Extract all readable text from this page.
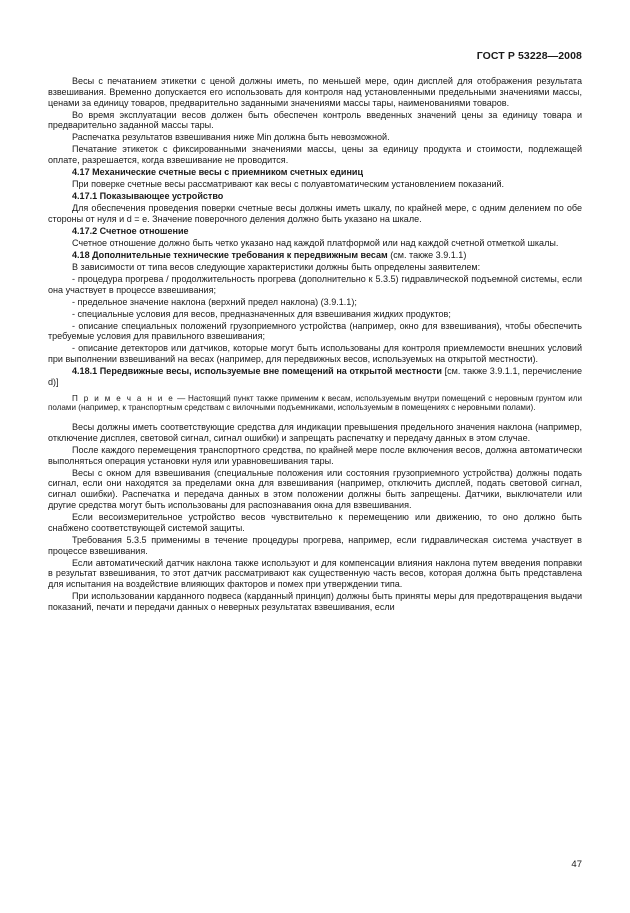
ГОСТ Р 53228—2008

Весы с печатанием этикетки с ценой должны иметь, по меньшей мере, один дисплей для отображения результата взвешивания. Временно допускается его использовать для контроля над установленными предельными значениями массы, ценами за единицу товаров, предварительно заданными значениями массы тары, наименованиями товаров.

Во время эксплуатации весов должен быть обеспечен контроль введенных значений цены за единицу товара и предварительно заданной массы тары.

Распечатка результатов взвешивания ниже Min должна быть невозможной.

Печатание этикеток с фиксированными значениями массы, цены за единицу продукта и стоимости, подлежащей оплате, разрешается, когда взвешивание не проводится.

4.17 Механические счетные весы с приемником счетных единиц

При поверке счетные весы рассматривают как весы с полуавтоматическим установлением показаний.

4.17.1 Показывающее устройство

Для обеспечения проведения поверки счетные весы должны иметь шкалу, по крайней мере, с одним делением по обе стороны от нуля и d = e. Значение поверочного деления должно быть указано на шкале.

4.17.2 Счетное отношение

Счетное отношение должно быть четко указано над каждой платформой или над каждой счетной отметкой шкалы.

4.18 Дополнительные технические требования к передвижным весам (см. также 3.9.1.1)

В зависимости от типа весов следующие характеристики должны быть определены заявителем:

- процедура прогрева / продолжительность прогрева (дополнительно к 5.3.5) гидравлической подъемной системы, если она участвует в процессе взвешивания;

- предельное значение наклона (верхний предел наклона) (3.9.1.1);

- специальные условия для весов, предназначенных для взвешивания жидких продуктов;

- описание специальных положений грузоприемного устройства (например, окно для взвешивания), чтобы обеспечить требуемые условия для правильного взвешивания;

- описание детекторов или датчиков, которые могут быть использованы для контроля приемлемости внешних условий при выполнении взвешиваний на весах (например, для передвижных весов, используемых на открытой местности).

4.18.1 Передвижные весы, используемые вне помещений на открытой местности [см. также 3.9.1.1, перечисление d)]

П р и м е ч а н и е — Настоящий пункт также применим к весам, используемым внутри помещений с неровным грунтом или полами (например, к транспортным средствам с вилочными подъемниками, используемым в помещениях с неровными полами).

Весы должны иметь соответствующие средства для индикации превышения предельного значения наклона (например, отключение дисплея, световой сигнал, сигнал ошибки) и запрещать распечатку и передачу данных в этом случае.

После каждого перемещения транспортного средства, по крайней мере после включения весов, должна автоматически выполняться операция установки нуля или уравновешивания тары.

Весы с окном для взвешивания (специальные положения или состояния грузоприемного устройства) должны подать сигнал, если они находятся за пределами окна для взвешивания (например, отключить дисплей, подать световой сигнал, сигнал ошибки). Распечатка и передача данных в этом положении должны быть запрещены. Датчики, выключатели или другие средства могут быть использованы для распознавания окна для взвешивания.

Если весоизмерительное устройство весов чувствительно к перемещению или движению, то оно должно быть снабжено соответствующей системой защиты.

Требования 5.3.5 применимы в течение процедуры прогрева, например, если гидравлическая система участвует в процессе взвешивания.

Если автоматический датчик наклона также используют и для компенсации влияния наклона путем введения поправки в результат взвешивания, то этот датчик рассматривают как существенную часть весов, которая должна быть представлена для испытания на воздействие влияющих факторов и помех при утверждении типа.

При использовании карданного подвеса (карданный принцип) должны быть приняты меры для предотвращения выдачи показаний, печати и передачи данных о неверных результатах взвешивания, если

47
